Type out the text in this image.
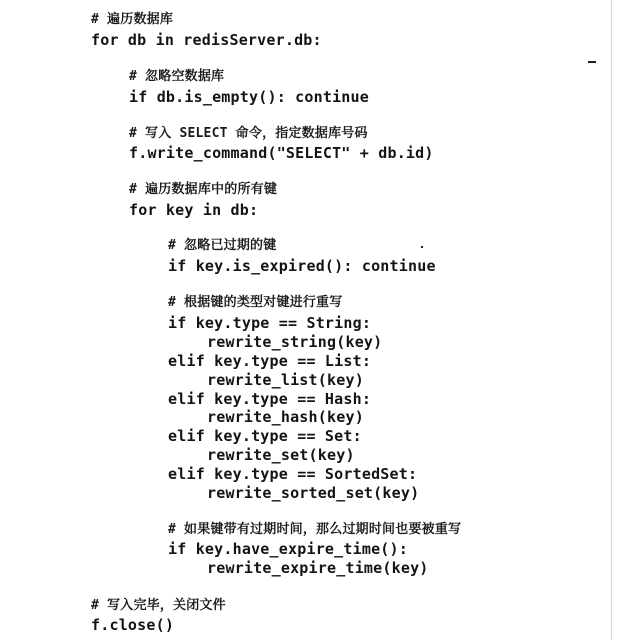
# 遍历数据库
for db in redisServer.db:
# 忽略空数据库
if db.is_empty(): continue
# 写入 SELECT 命令，指定数据库号码
f.write_command("SELECT" + db.id)
# 遍历数据库中的所有键
for key in db:
# 忽略已过期的键
if key.is_expired(): continue
# 根据键的类型对键进行重写
if key.type == String:
rewrite_string(key)
elif key.type == List:
rewrite_list(key)
elif key.type == Hash:
rewrite_hash(key)
elif key.type == Set:
rewrite_set(key)
elif key.type == SortedSet:
rewrite_sorted_set(key)
# 如果键带有过期时间，那么过期时间也要被重写
if key.have_expire_time():
rewrite_expire_time(key)
# 写入完毕，关闭文件
f.close()
